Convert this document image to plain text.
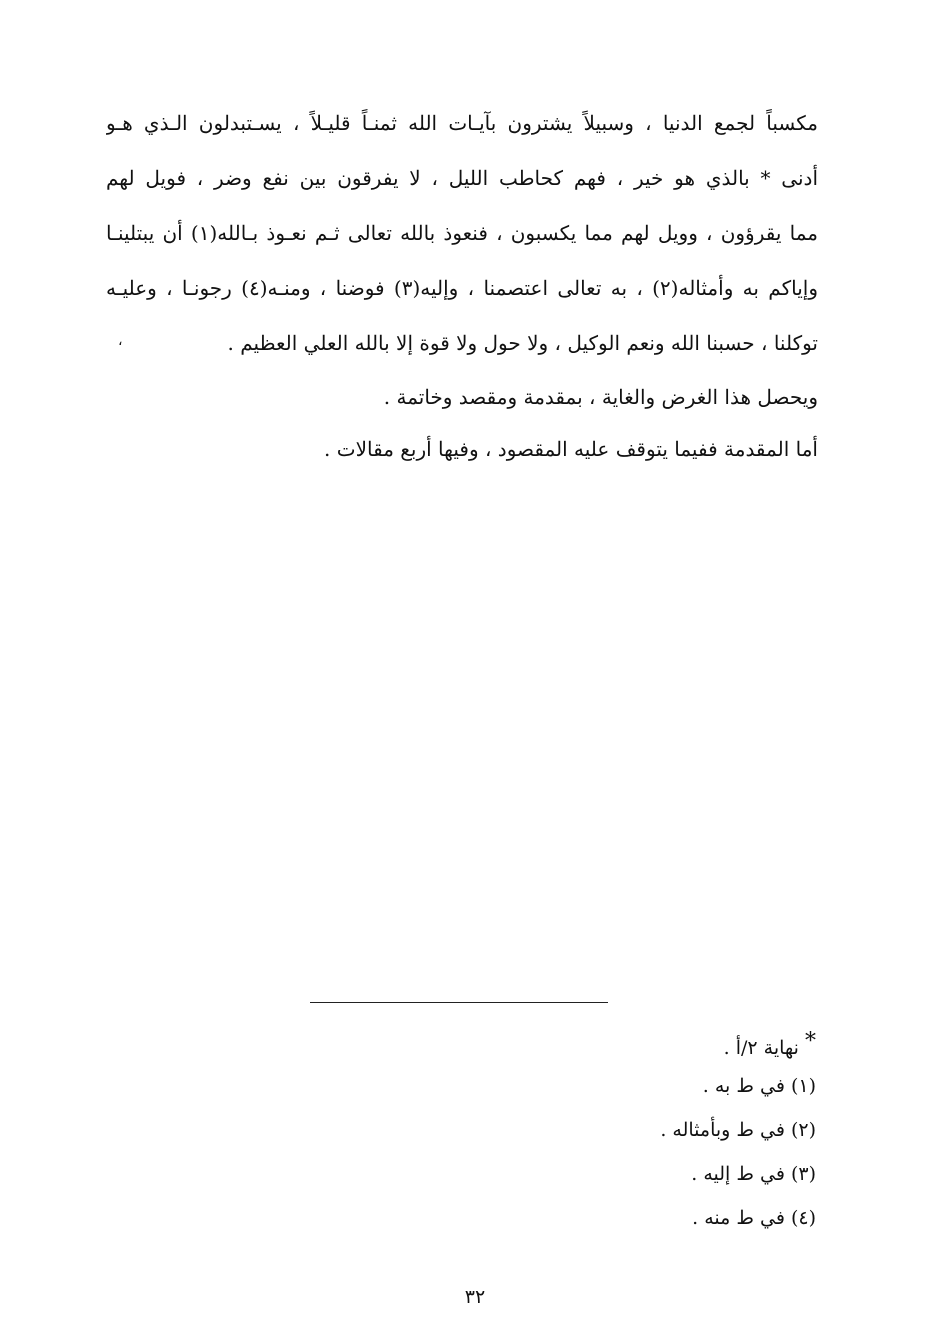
مكسباً لجمع الدنيا ، وسبيلاً يشترون بآيـات الله ثمنـاً قليـلاً ، يسـتبدلون الـذي هـو
أدنى * بالذي هو خير ، فهم كحاطب الليل ، لا يفرقون بين نفع وضر ، فويل لهم
مما يقرؤون ، وويل لهم مما يكسبون ، فنعوذ بالله تعالى ثـم نعـوذ بـالله(١) أن يبتلينـا
وإياكم به وأمثاله(٢) ، به تعالى اعتصمنا ، وإليه(٣) فوضنا ، ومنـه(٤) رجونـا ، وعليـه
توكلنا ، حسبنا الله ونعم الوكيل ، ولا حول ولا قوة إلا بالله العلي العظيم .
ويحصل هذا الغرض والغاية ، بمقدمة ومقصد وخاتمة .
أما المقدمة ففيما يتوقف عليه المقصود ، وفيها أربع مقالات .
،
* نهاية ٢/أ .
(١) في ط به .
(٢) في ط وبأمثاله .
(٣) في ط إليه .
(٤) في ط منه .
٣٢
